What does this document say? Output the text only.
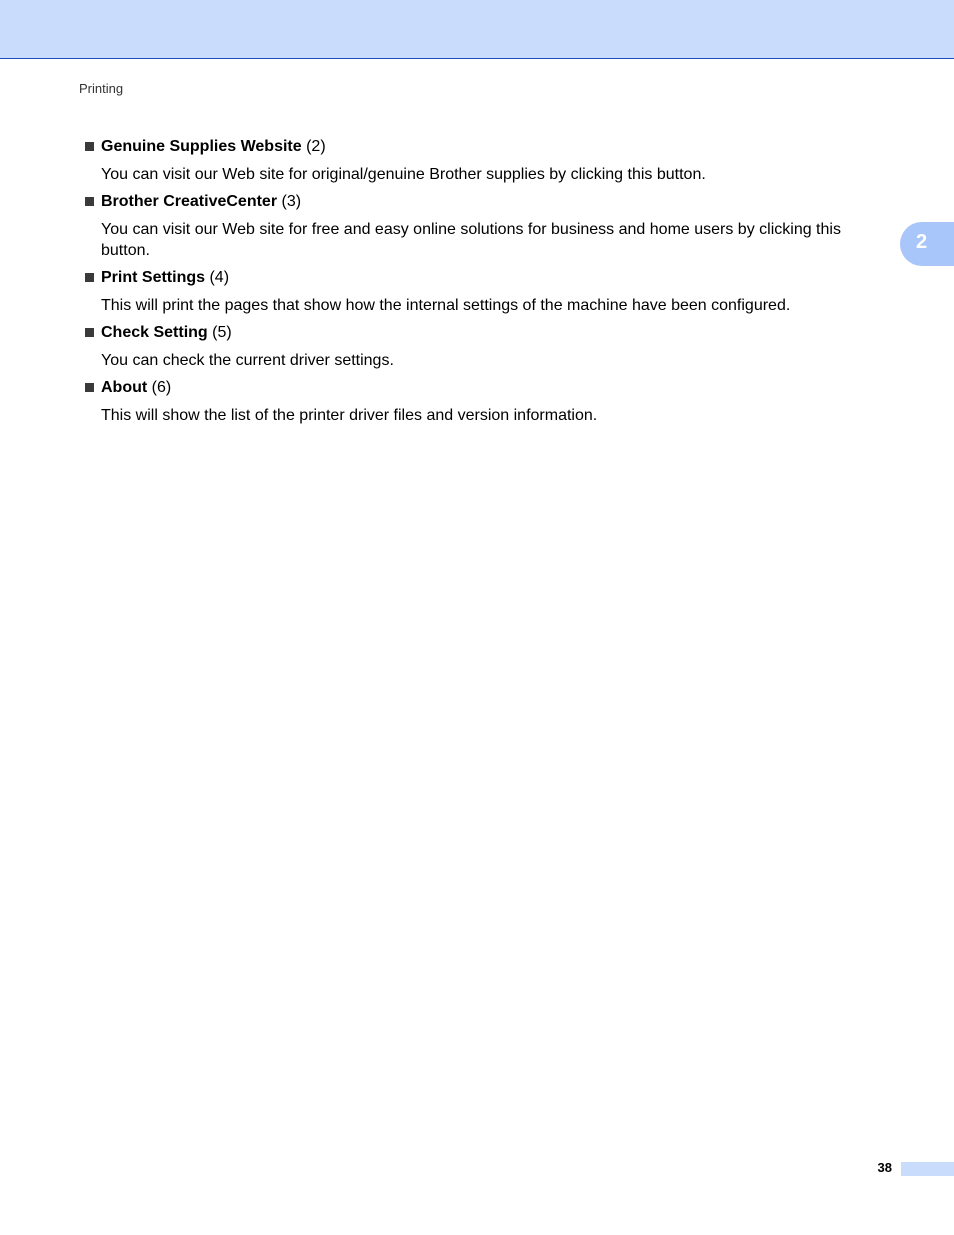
Printing
2
Genuine Supplies Website (2)
You can visit our Web site for original/genuine Brother supplies by clicking this button.
Brother CreativeCenter (3)
You can visit our Web site for free and easy online solutions for business and home users by clicking this button.
Print Settings (4)
This will print the pages that show how the internal settings of the machine have been configured.
Check Setting (5)
You can check the current driver settings.
About (6)
This will show the list of the printer driver files and version information.
38
